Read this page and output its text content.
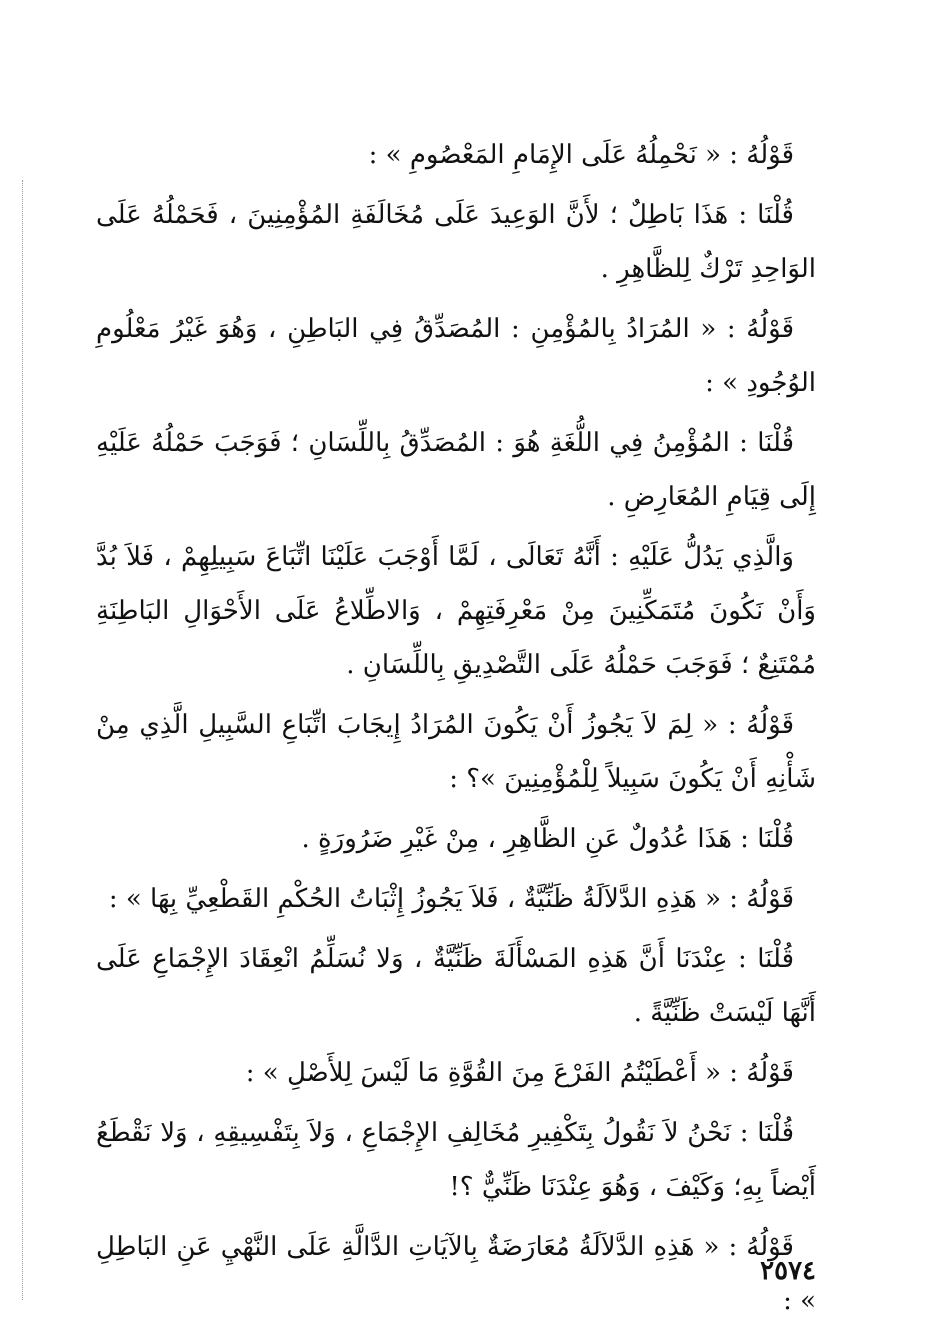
قَوْلُهُ : « نَحْمِلُهُ عَلَى الإِمَامِ المَعْصُومِ » :

قُلْنَا : هَذَا بَاطِلٌ ؛ لأَنَّ الوَعِيدَ عَلَى مُخَالَفَةِ المُؤْمِنِينَ ، فَحَمْلُهُ عَلَى الوَاحِدِ تَرْكٌ لِلظَّاهِرِ .

قَوْلُهُ : « المُرَادُ بِالمُؤْمِنِ : المُصَدِّقُ فِي البَاطِنِ ، وَهُوَ غَيْرُ مَعْلُومِ الوُجُودِ » :

قُلْنَا : المُؤْمِنُ فِي اللُّغَةِ هُوَ : المُصَدِّقُ بِاللِّسَانِ ؛ فَوَجَبَ حَمْلُهُ عَلَيْهِ إِلَى قِيَامِ المُعَارِضِ .

وَالَّذِي يَدُلُّ عَلَيْهِ : أَنَّهُ تَعَالَى ، لَمَّا أَوْجَبَ عَلَيْنَا اتِّبَاعَ سَبِيلِهِمْ ، فَلاَ بُدَّ وَأَنْ نَكُونَ مُتَمَكِّنِينَ مِنْ مَعْرِفَتِهِمْ ، وَالاطِّلاعُ عَلَى الأَحْوَالِ البَاطِنَةِ مُمْتَنِعٌ ؛ فَوَجَبَ حَمْلُهُ عَلَى التَّصْدِيقِ بِاللِّسَانِ .

قَوْلُهُ : « لِمَ لاَ يَجُوزُ أَنْ يَكُونَ المُرَادُ إِيجَابَ اتِّبَاعِ السَّبِيلِ الَّذِي مِنْ شَأْنِهِ أَنْ يَكُونَ سَبِيلاً لِلْمُؤْمِنِينَ »؟ :

قُلْنَا : هَذَا عُدُولٌ عَنِ الظَّاهِرِ ، مِنْ غَيْرِ ضَرُورَةٍ .

قَوْلُهُ : « هَذِهِ الدَّلاَلَةُ ظَنِّيَّةٌ ، فَلاَ يَجُوزُ إِثْبَاتُ الحُكْمِ القَطْعِيِّ بِهَا » :

قُلْنَا : عِنْدَنَا أَنَّ هَذِهِ المَسْأَلَةَ ظَنِّيَّةٌ ، وَلا نُسَلِّمُ انْعِقَادَ الإِجْمَاعِ عَلَى أَنَّهَا لَيْسَتْ ظَنِّيَّةً .

قَوْلُهُ : « أَعْطَيْتُمُ الفَرْعَ مِنَ القُوَّةِ مَا لَيْسَ لِلأَصْلِ » :

قُلْنَا : نَحْنُ لاَ نَقُولُ بِتَكْفِيرِ مُخَالِفِ الإِجْمَاعِ ، وَلاَ بِتَفْسِيقِهِ ، وَلا نَقْطَعُ أَيْضاً بِهِ؛ وَكَيْفَ ، وَهُوَ عِنْدَنَا ظَنِّيٌّ ؟!

قَوْلُهُ : « هَذِهِ الدَّلاَلَةُ مُعَارَضَةٌ بِالآيَاتِ الدَّالَّةِ عَلَى النَّهْيِ عَنِ البَاطِلِ » :

٢٥٧٤
